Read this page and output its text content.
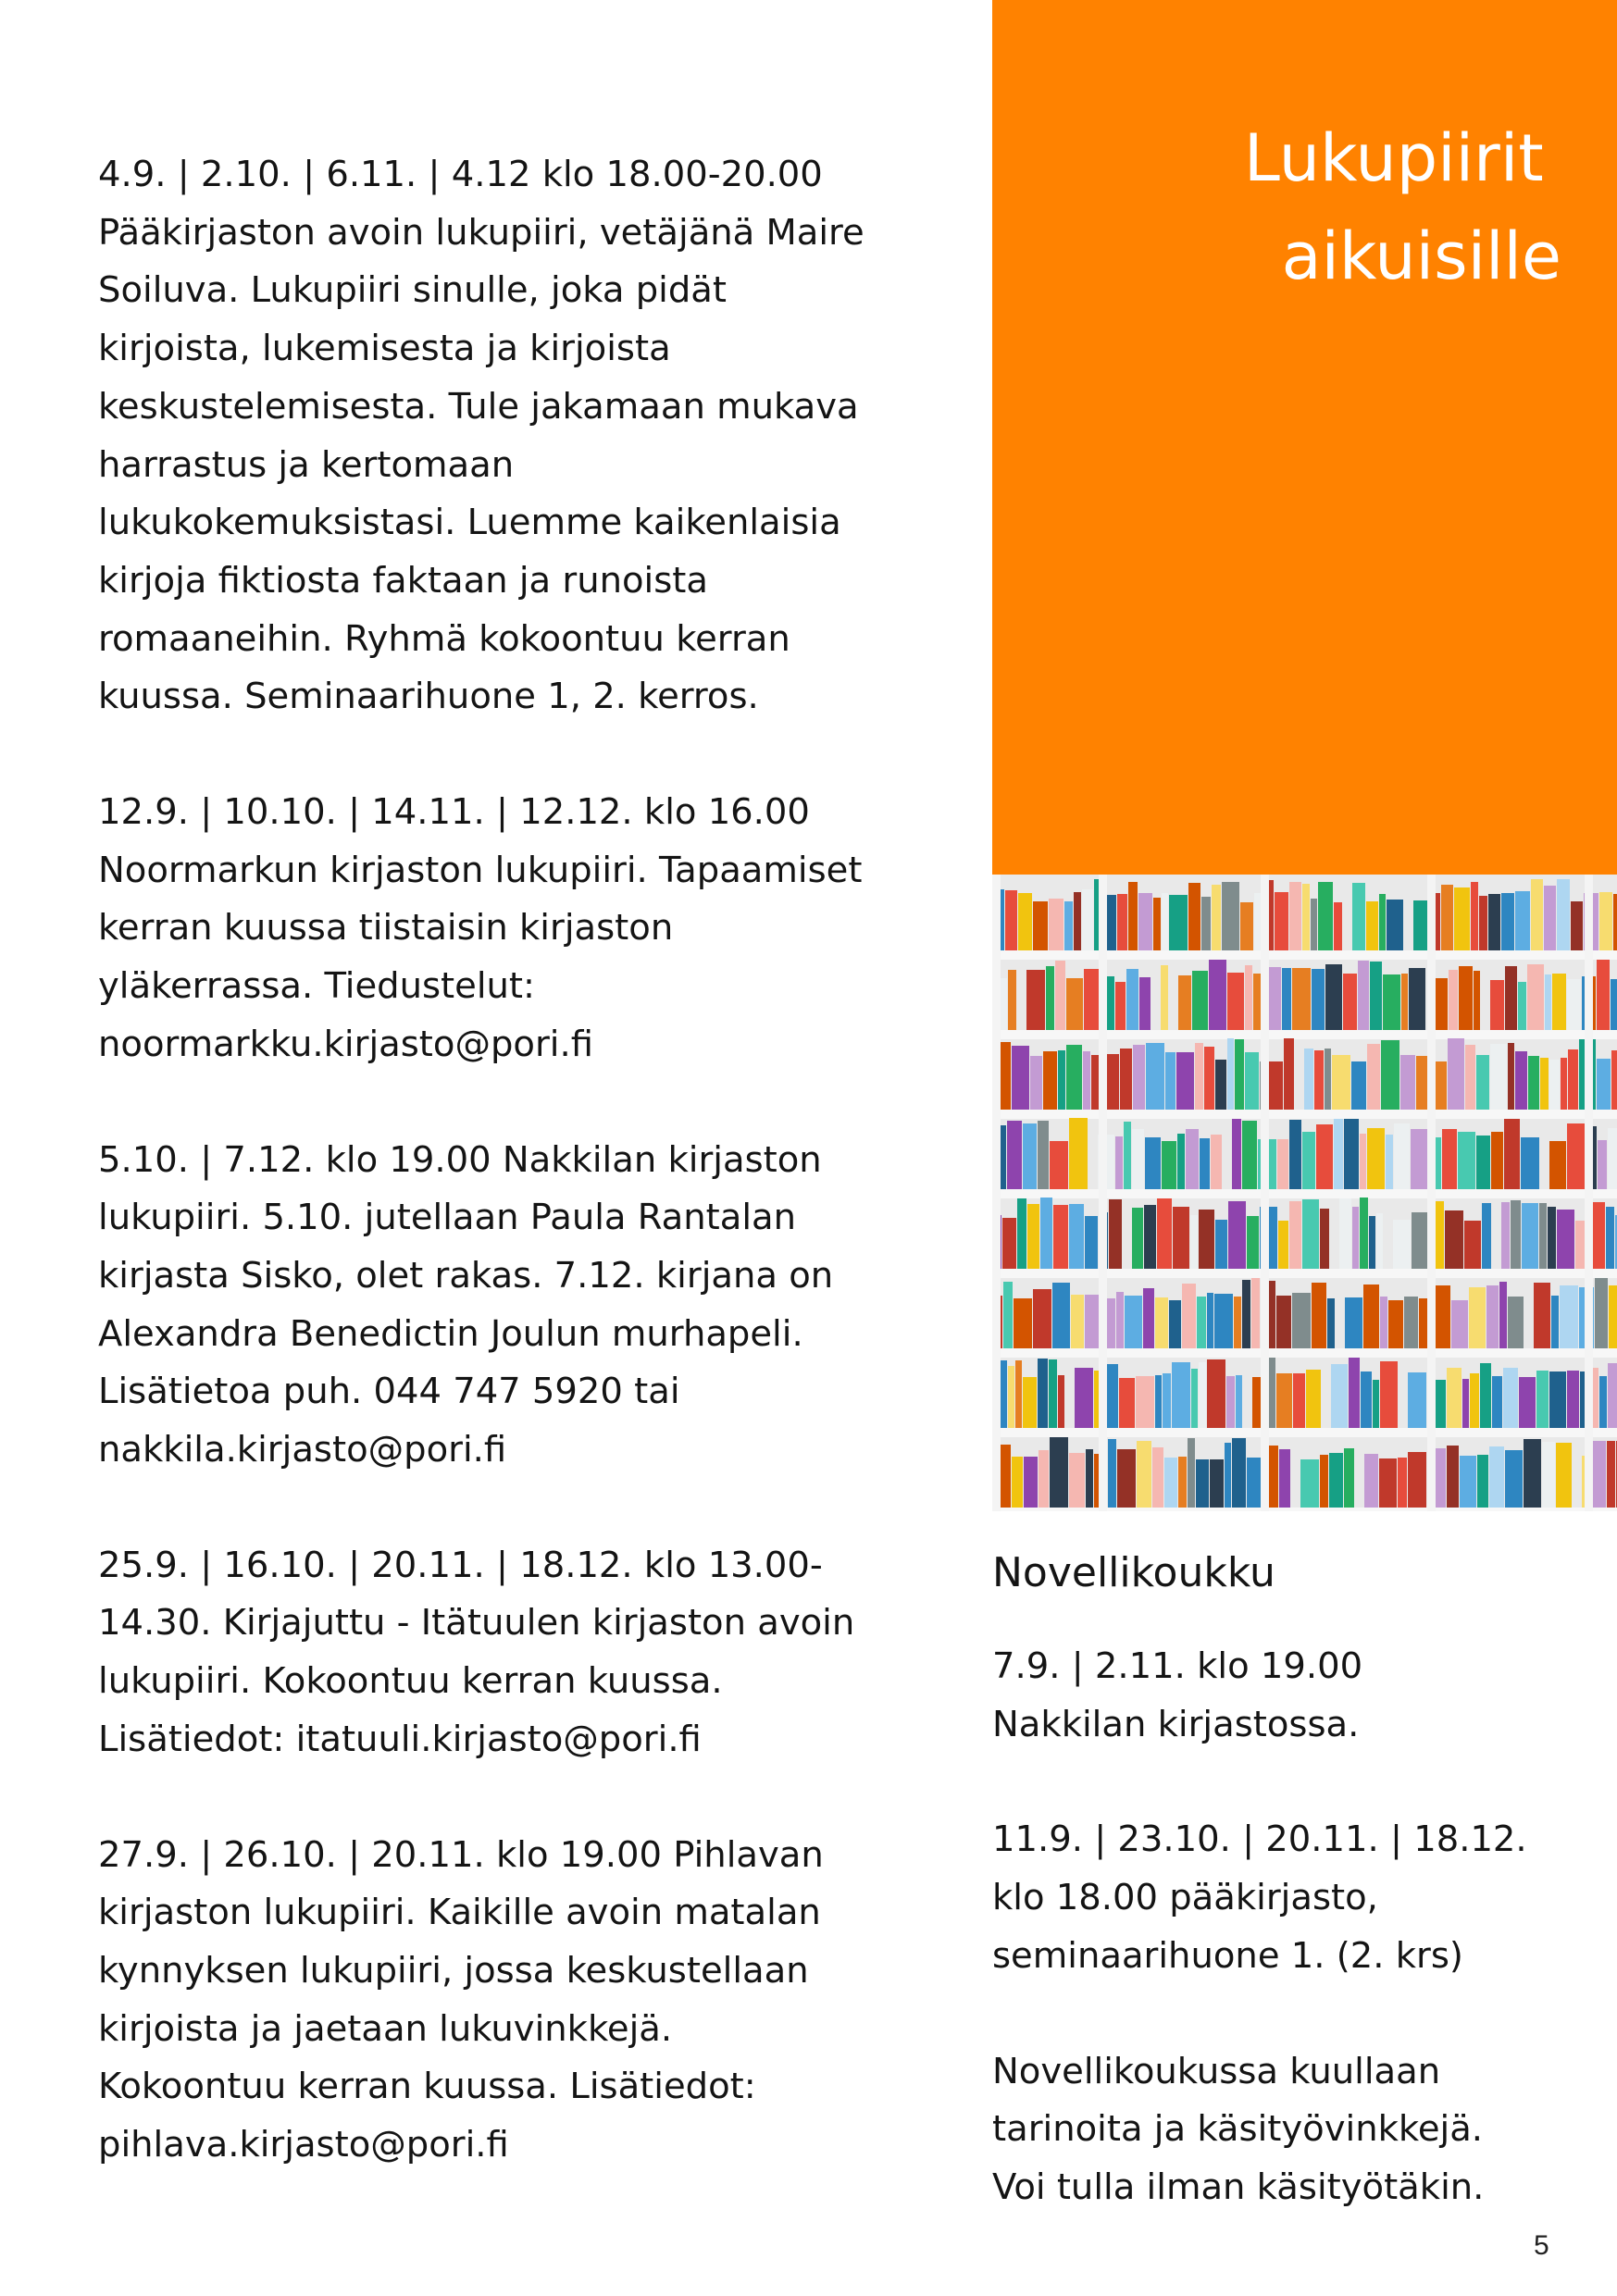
4.9. | 2.10. | 6.11. | 4.12 klo 18.00-20.00
Pääkirjaston avoin lukupiiri, vetäjänä Maire
Soiluva. Lukupiiri sinulle, joka pidät
kirjoista, lukemisesta ja kirjoista
keskustelemisesta. Tule jakamaan mukava
harrastus ja kertomaan
lukukokemuksistasi. Luemme kaikenlaisia
kirjoja fiktiosta faktaan ja runoista
romaaneihin. Ryhmä kokoontuu kerran
kuussa. Seminaarihuone 1, 2. kerros.
12.9. | 10.10. | 14.11. | 12.12. klo 16.00
Noormarkun kirjaston lukupiiri. Tapaamiset
kerran kuussa tiistaisin kirjaston
yläkerrassa. Tiedustelut:
noormarkku.kirjasto@pori.fi
5.10. | 7.12. klo 19.00 Nakkilan kirjaston
lukupiiri. 5.10. jutellaan Paula Rantalan
kirjasta Sisko, olet rakas. 7.12. kirjana on
Alexandra Benedictin Joulun murhapeli.
Lisätietoa puh. 044 747 5920 tai
nakkila.kirjasto@pori.fi
25.9. | 16.10. | 20.11. | 18.12. klo 13.00-
14.30. Kirjajuttu - Itätuulen kirjaston avoin
lukupiiri. Kokoontuu kerran kuussa.
Lisätiedot: itatuuli.kirjasto@pori.fi
27.9. | 26.10. | 20.11. klo 19.00 Pihlavan
kirjaston lukupiiri. Kaikille avoin matalan
kynnyksen lukupiiri, jossa keskustellaan
kirjoista ja jaetaan lukuvinkkejä.
Kokoontuu kerran kuussa. Lisätiedot:
pihlava.kirjasto@pori.fi
Lukupiirit
aikuisille
Novellikoukku
7.9. | 2.11. klo 19.00
Nakkilan kirjastossa.
11.9. | 23.10. | 20.11. | 18.12.
klo 18.00 pääkirjasto,
seminaarihuone 1. (2. krs)
Novellikoukussa kuullaan
tarinoita ja käsityövinkkejä.
Voi tulla ilman käsityötäkin.
5
